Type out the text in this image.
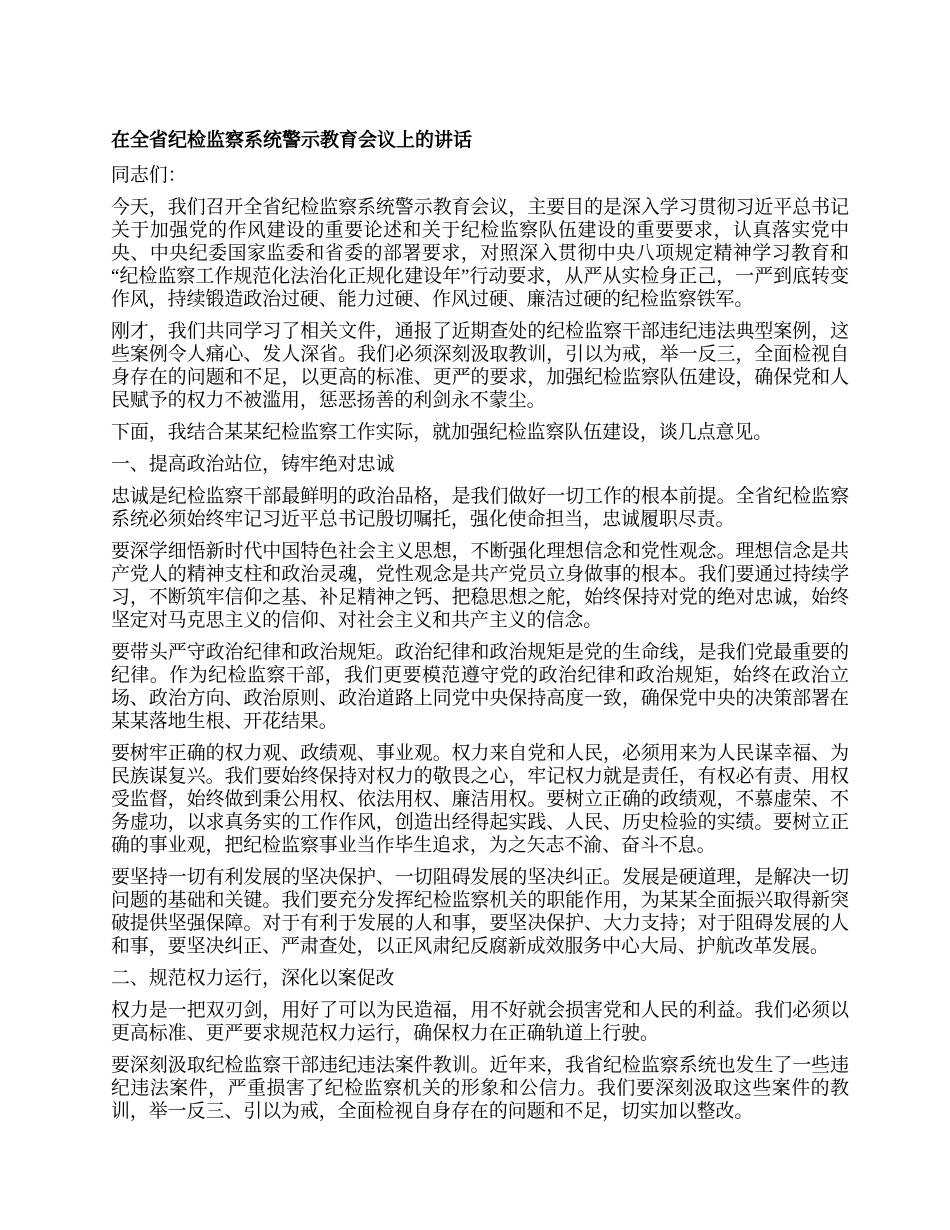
在全省纪检监察系统警示教育会议上的讲话

同志们：

今天，我们召开全省纪检监察系统警示教育会议，主要目的是深入学习贯彻习近平总书记关于加强党的作风建设的重要论述和关于纪检监察队伍建设的重要要求，认真落实党中央、中央纪委国家监委和省委的部署要求，对照深入贯彻中央八项规定精神学习教育和“纪检监察工作规范化法治化正规化建设年”行动要求，从严从实检身正己，一严到底转变作风，持续锻造政治过硬、能力过硬、作风过硬、廉洁过硬的纪检监察铁军。

刚才，我们共同学习了相关文件，通报了近期查处的纪检监察干部违纪违法典型案例，这些案例令人痛心、发人深省。我们必须深刻汲取教训，引以为戒，举一反三，全面检视自身存在的问题和不足，以更高的标准、更严的要求，加强纪检监察队伍建设，确保党和人民赋予的权力不被滥用，惩恶扬善的利剑永不蒙尘。

下面，我结合某某纪检监察工作实际，就加强纪检监察队伍建设，谈几点意见。

一、提高政治站位，铸牢绝对忠诚

忠诚是纪检监察干部最鲜明的政治品格，是我们做好一切工作的根本前提。全省纪检监察系统必须始终牢记习近平总书记殷切嘱托，强化使命担当，忠诚履职尽责。

要深学细悟新时代中国特色社会主义思想，不断强化理想信念和党性观念。理想信念是共产党人的精神支柱和政治灵魂，党性观念是共产党员立身做事的根本。我们要通过持续学习，不断筑牢信仰之基、补足精神之钙、把稳思想之舵，始终保持对党的绝对忠诚，始终坚定对马克思主义的信仰、对社会主义和共产主义的信念。

要带头严守政治纪律和政治规矩。政治纪律和政治规矩是党的生命线，是我们党最重要的纪律。作为纪检监察干部，我们更要模范遵守党的政治纪律和政治规矩，始终在政治立场、政治方向、政治原则、政治道路上同党中央保持高度一致，确保党中央的决策部署在某某落地生根、开花结果。

要树牢正确的权力观、政绩观、事业观。权力来自党和人民，必须用来为人民谋幸福、为民族谋复兴。我们要始终保持对权力的敬畏之心，牢记权力就是责任，有权必有责、用权受监督，始终做到秉公用权、依法用权、廉洁用权。要树立正确的政绩观，不慕虚荣、不务虚功，以求真务实的工作作风，创造出经得起实践、人民、历史检验的实绩。要树立正确的事业观，把纪检监察事业当作毕生追求，为之矢志不渝、奋斗不息。

要坚持一切有利发展的坚决保护、一切阻碍发展的坚决纠正。发展是硬道理，是解决一切问题的基础和关键。我们要充分发挥纪检监察机关的职能作用，为某某全面振兴取得新突破提供坚强保障。对于有利于发展的人和事，要坚决保护、大力支持；对于阻碍发展的人和事，要坚决纠正、严肃查处，以正风肃纪反腐新成效服务中心大局、护航改革发展。

二、规范权力运行，深化以案促改

权力是一把双刃剑，用好了可以为民造福，用不好就会损害党和人民的利益。我们必须以更高标准、更严要求规范权力运行，确保权力在正确轨道上行驶。

要深刻汲取纪检监察干部违纪违法案件教训。近年来，我省纪检监察系统也发生了一些违纪违法案件，严重损害了纪检监察机关的形象和公信力。我们要深刻汲取这些案件的教训，举一反三、引以为戒，全面检视自身存在的问题和不足，切实加以整改。
